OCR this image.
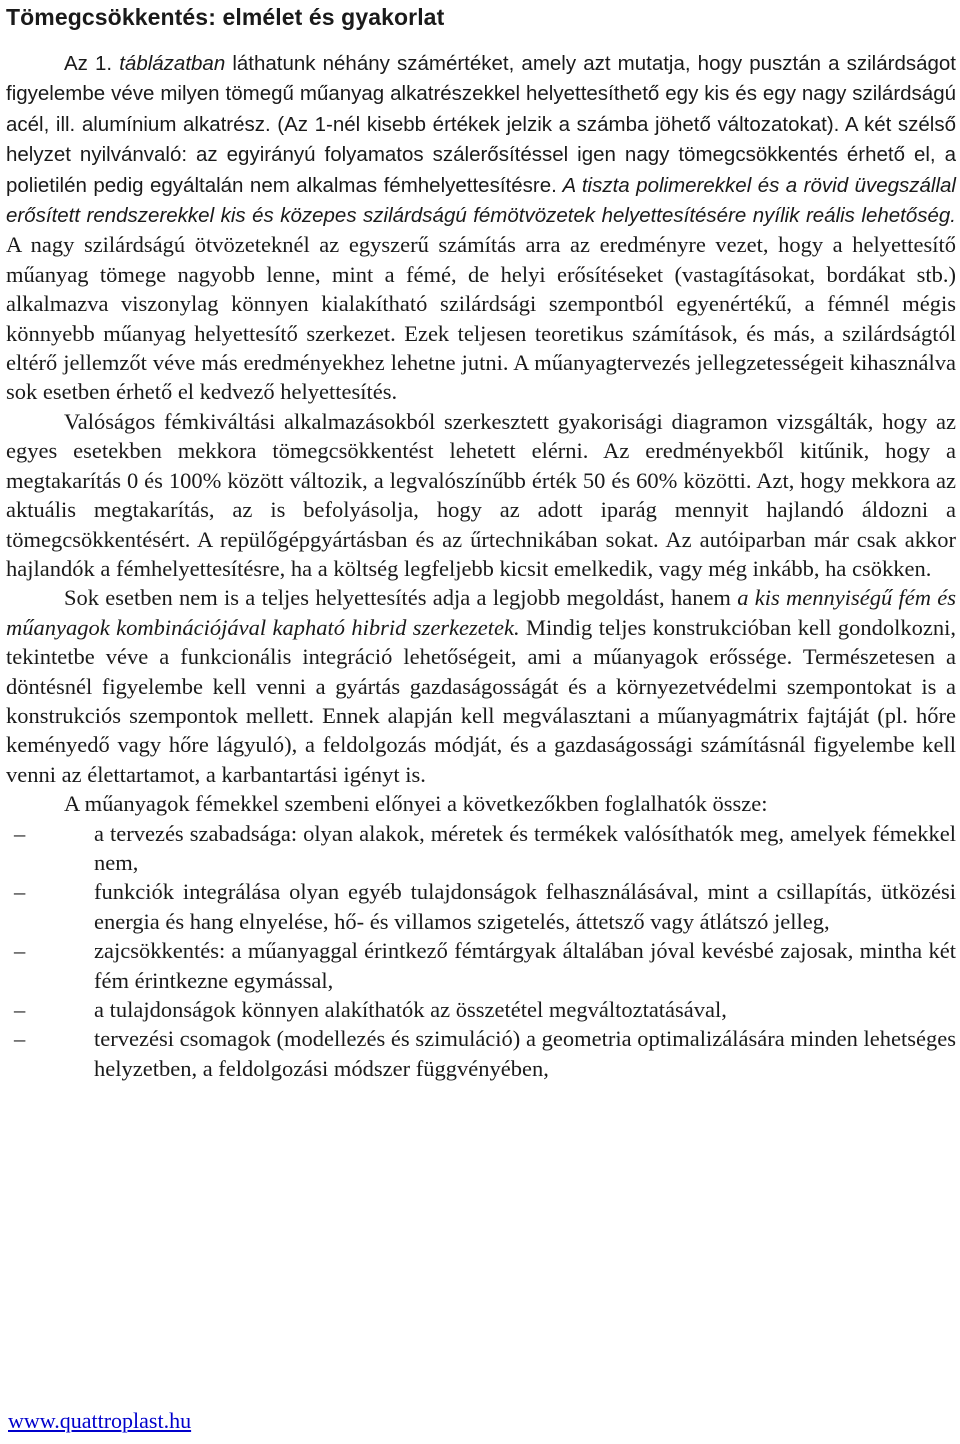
Tömegcsökkentés: elmélet és gyakorlat

Az 1. táblázatban láthatunk néhány számértéket, amely azt mutatja, hogy pusztán a szilárdságot figyelembe véve milyen tömegű műanyag alkatrészekkel helyettesíthető egy kis és egy nagy szilárdságú acél, ill. alumínium alkatrész. (Az 1-nél kisebb értékek jelzik a számba jöhető változatokat). A két szélső helyzet nyilvánvaló: az egyirányú folyamatos szálerősítéssel igen nagy tömegcsökkentés érhető el, a polietilén pedig egyáltalán nem alkalmas fémhelyettesítésre. A tiszta polimerekkel és a rövid üvegszállal erősített rendszerekkel kis és közepes szilárdságú fémötvözetek helyettesítésére nyílik reális lehetőség. A nagy szilárdságú ötvözeteknél az egyszerű számítás arra az eredményre vezet, hogy a helyettesítő műanyag tömege nagyobb lenne, mint a fémé, de helyi erősítéseket (vastagításokat, bordákat stb.) alkalmazva viszonylag könnyen kialakítható szilárdsági szempontból egyenértékű, a fémnél mégis könnyebb műanyag helyettesítő szerkezet. Ezek teljesen teoretikus számítások, és más, a szilárdságtól eltérő jellemzőt véve más eredményekhez lehetne jutni. A műanyagtervezés jellegzetességeit kihasználva sok esetben érhető el kedvező helyettesítés.

Valóságos fémkiváltási alkalmazásokból szerkesztett gyakorisági diagramon vizsgálták, hogy az egyes esetekben mekkora tömegcsökkentést lehetett elérni. Az eredményekből kitűnik, hogy a megtakarítás 0 és 100% között változik, a legvalószínűbb érték 50 és 60% közötti. Azt, hogy mekkora az aktuális megtakarítás, az is befolyásolja, hogy az adott iparág mennyit hajlandó áldozni a tömegcsökkentésért. A repülőgépgyártásban és az űrtechnikában sokat. Az autóiparban már csak akkor hajlandók a fémhelyettesítésre, ha a költség legfeljebb kicsit emelkedik, vagy még inkább, ha csökken.

Sok esetben nem is a teljes helyettesítés adja a legjobb megoldást, hanem a kis mennyiségű fém és műanyagok kombinációjával kapható hibrid szerkezetek. Mindig teljes konstrukcióban kell gondolkozni, tekintetbe véve a funkcionális integráció lehetőségeit, ami a műanyagok erőssége. Természetesen a döntésnél figyelembe kell venni a gyártás gazdaságosságát és a környezetvédelmi szempontokat is a konstrukciós szempontok mellett. Ennek alapján kell megválasztani a műanyagmátrix fajtáját (pl. hőre keményedő vagy hőre lágyuló), a feldolgozás módját, és a gazdaságossági számításnál figyelembe kell venni az élettartamot, a karbantartási igényt is.

A műanyagok fémekkel szembeni előnyei a következőkben foglalhatók össze:

–	a tervezés szabadsága: olyan alakok, méretek és termékek valósíthatók meg, amelyek fémekkel nem,
–	funkciók integrálása olyan egyéb tulajdonságok felhasználásával, mint a csillapítás, ütközési energia és hang elnyelése, hő- és villamos szigetelés, áttetsző vagy átlátszó jelleg,
–	zajcsökkentés: a műanyaggal érintkező fémtárgyak általában jóval kevésbé zajosak, mintha két fém érintkezne egymással,
–	a tulajdonságok könnyen alakíthatók az összetétel megváltoztatásával,
–	tervezési csomagok (modellezés és szimuláció) a geometria optimalizálására minden lehetséges helyzetben, a feldolgozási módszer függvényében,
www.quattroplast.hu
